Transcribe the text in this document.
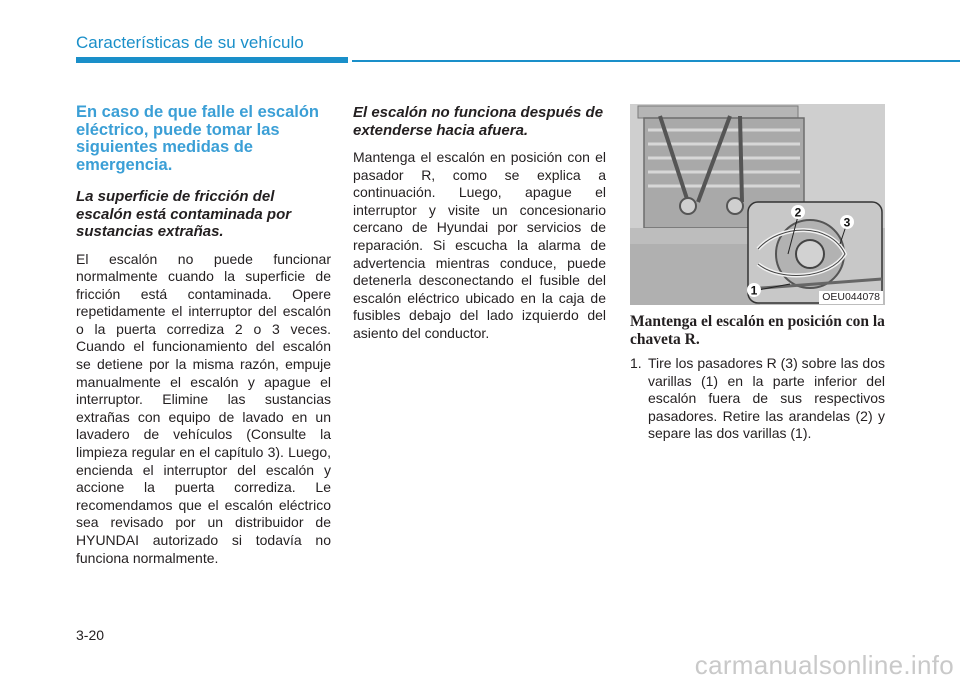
Características de su vehículo
En caso de que falle el escalón eléctrico, puede tomar las siguientes medidas de emergencia.
La superficie de fricción del escalón está contaminada por sustancias extrañas.

El escalón no puede funcionar normalmente cuando la superficie de fricción está contaminada. Opere repetidamente el interruptor del escalón o la puerta corrediza 2 o 3 veces. Cuando el funcionamiento del escalón se detiene por la misma razón, empuje manualmente el escalón y apague el interruptor. Elimine las sustancias extrañas con equipo de lavado en un lavadero de vehículos (Consulte la limpieza regular en el capítulo 3). Luego, encienda el interruptor del escalón y accione la puerta corrediza. Le recomendamos que el escalón eléctrico sea revisado por un distribuidor de HYUNDAI autorizado si todavía no funciona normalmente.

El escalón no funciona después de extenderse hacia afuera.

Mantenga el escalón en posición con el pasador R, como se explica a continuación. Luego, apague el interruptor y visite un concesionario cercano de Hyundai por servicios de reparación. Si escucha la alarma de advertencia mientras conduce, puede detenerla desconectando el fusible del escalón eléctrico ubicado en la caja de fusibles debajo del lado izquierdo del asiento del conductor.

2
3
1	OEU044078
Mantenga el escalón en posición con la chaveta R.

1. Tire los pasadores R (3) sobre las dos varillas (1) en la parte inferior del escalón fuera de sus respectivos pasadores. Retire las arandelas (2) y separe las dos varillas (1).

3-20
carmanualsonline.info
